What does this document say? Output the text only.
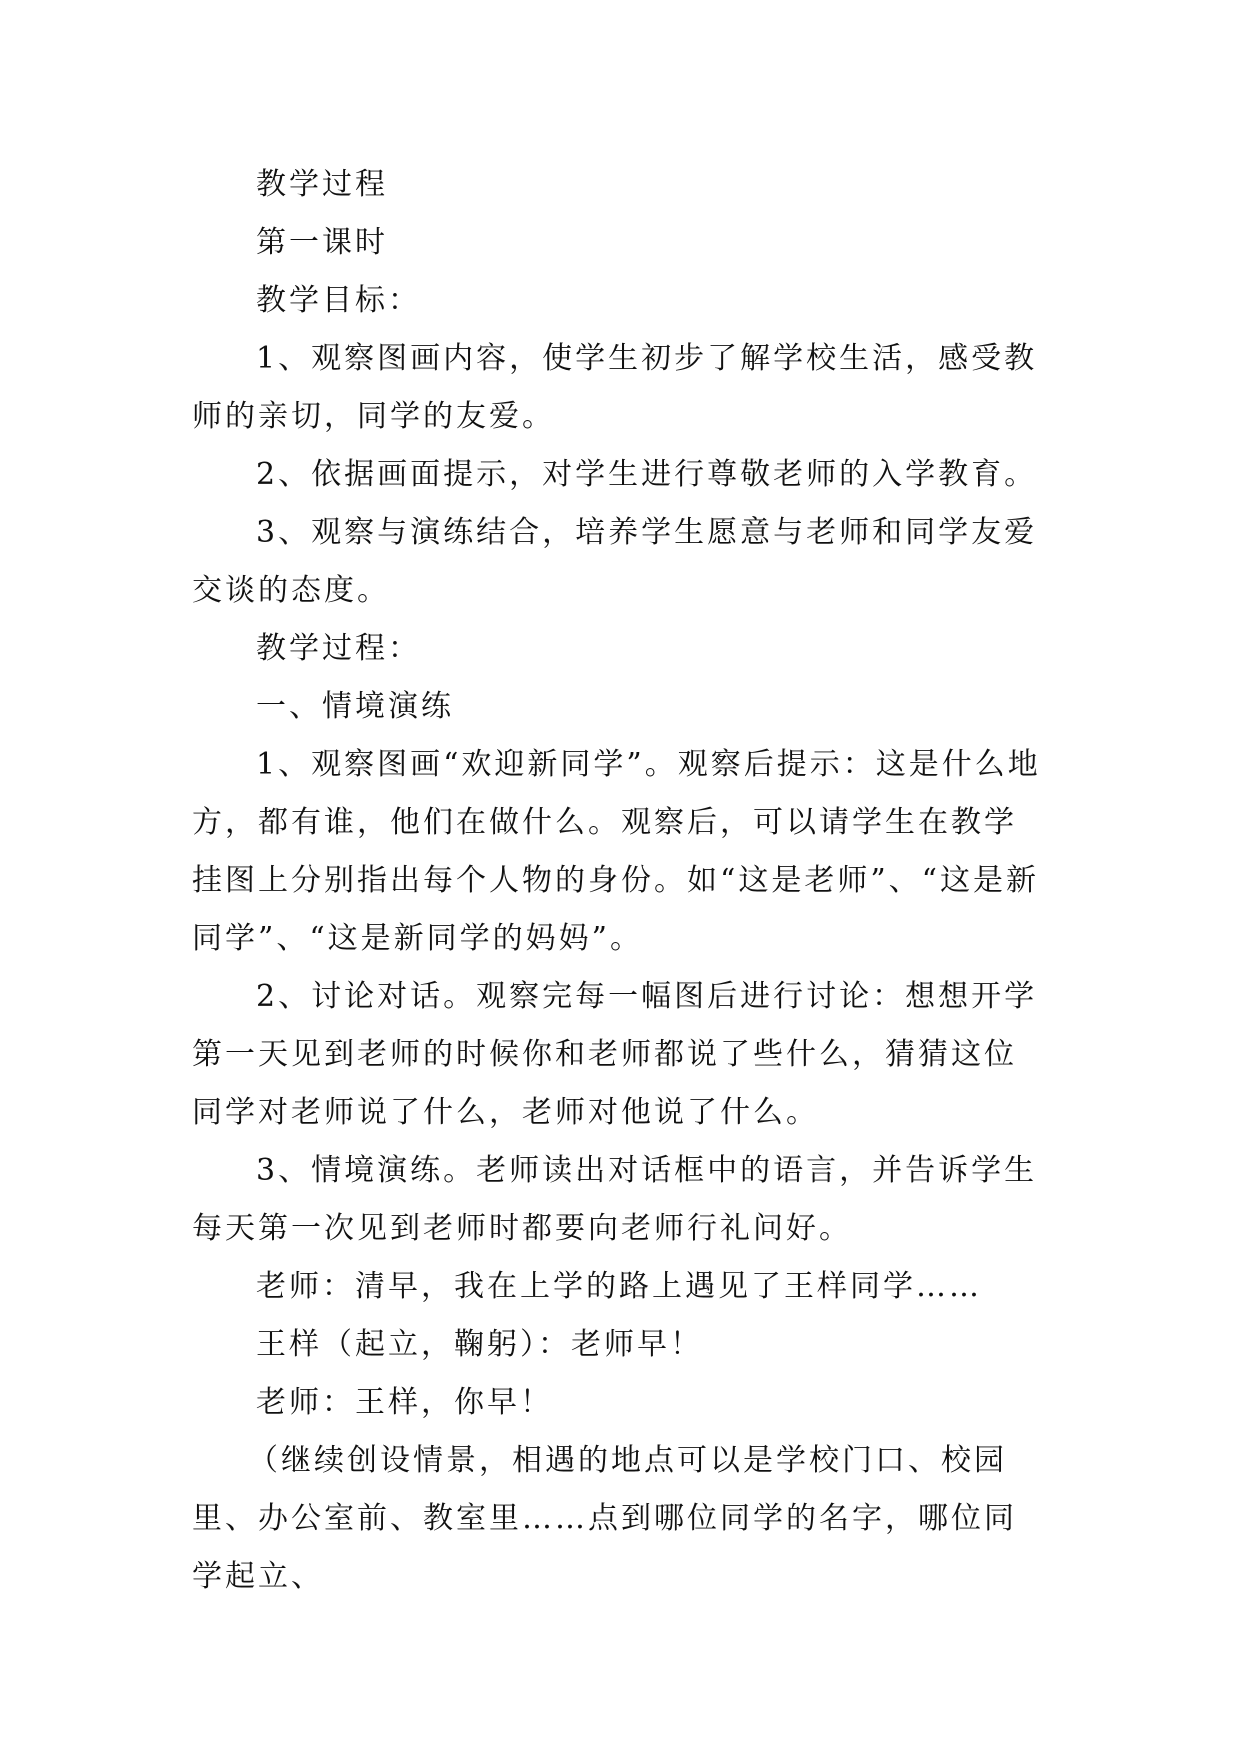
教学过程

第一课时

教学目标：

1、观察图画内容，使学生初步了解学校生活，感受教师的亲切，同学的友爱。

2、依据画面提示，对学生进行尊敬老师的入学教育。

3、观察与演练结合，培养学生愿意与老师和同学友爱交谈的态度。

教学过程：

一、情境演练

1、观察图画“欢迎新同学”。观察后提示：这是什么地方，都有谁，他们在做什么。观察后，可以请学生在教学挂图上分别指出每个人物的身份。如“这是老师”、“这是新同学”、“这是新同学的妈妈”。

2、讨论对话。观察完每一幅图后进行讨论：想想开学第一天见到老师的时候你和老师都说了些什么，猜猜这位同学对老师说了什么，老师对他说了什么。

3、情境演练。老师读出对话框中的语言，并告诉学生每天第一次见到老师时都要向老师行礼问好。

老师：清早，我在上学的路上遇见了王样同学……

王样（起立，鞠躬）：老师早！

老师：王样，你早！

（继续创设情景，相遇的地点可以是学校门口、校园里、办公室前、教室里……点到哪位同学的名字，哪位同学起立、
